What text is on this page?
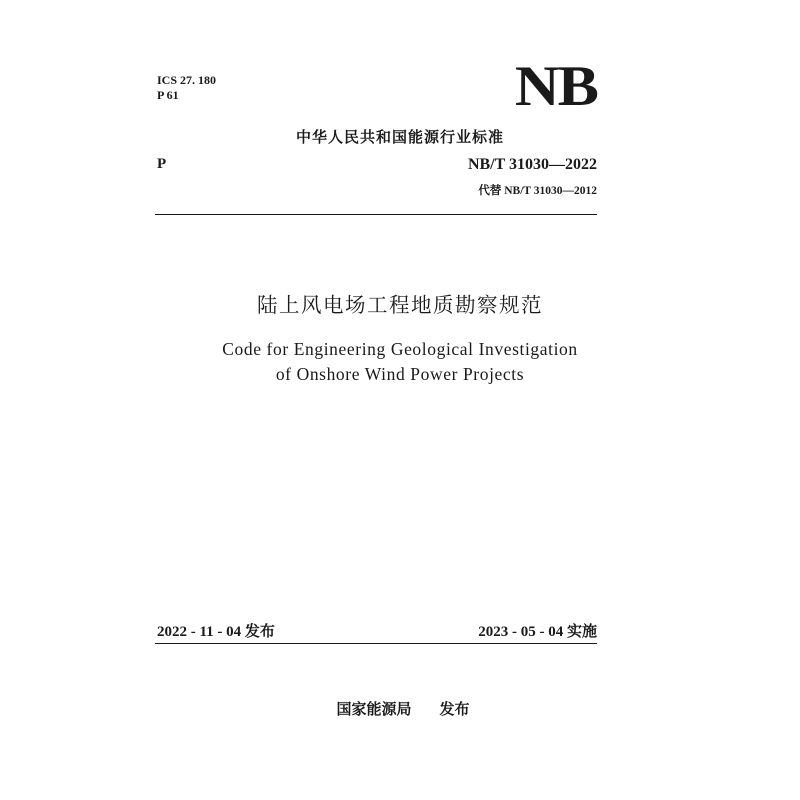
ICS 27. 180
P 61	NB
中华人民共和国能源行业标准
P	NB/T 31030—2022
代替 NB/T 31030—2012
陆上风电场工程地质勘察规范
Code for Engineering Geological Investigation
of Onshore Wind Power Projects
2022 - 11 - 04 发布	2023 - 05 - 04 实施
国家能源局 发布
